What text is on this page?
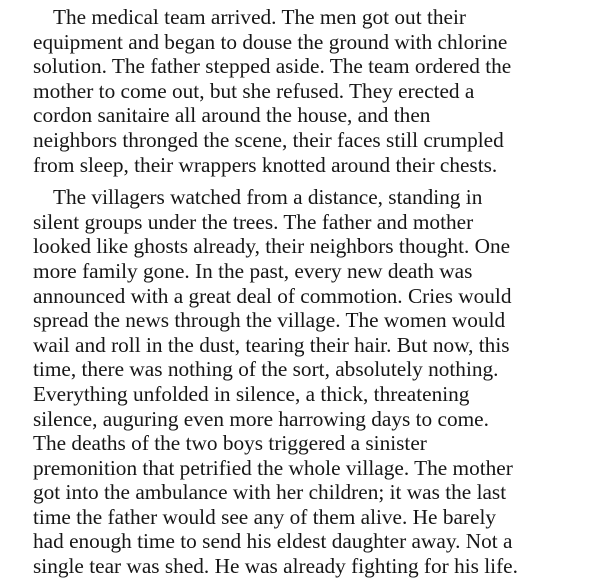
The medical team arrived. The men got out their
equipment and began to douse the ground with chlorine
solution. The father stepped aside. The team ordered the
mother to come out, but she refused. They erected a
cordon sanitaire all around the house, and then
neighbors thronged the scene, their faces still crumpled
from sleep, their wrappers knotted around their chests.

The villagers watched from a distance, standing in
silent groups under the trees. The father and mother
looked like ghosts already, their neighbors thought. One
more family gone. In the past, every new death was
announced with a great deal of commotion. Cries would
spread the news through the village. The women would
wail and roll in the dust, tearing their hair. But now, this
time, there was nothing of the sort, absolutely nothing.
Everything unfolded in silence, a thick, threatening
silence, auguring even more harrowing days to come.
The deaths of the two boys triggered a sinister
premonition that petrified the whole village. The mother
got into the ambulance with her children; it was the last
time the father would see any of them alive. He barely
had enough time to send his eldest daughter away. Not a
single tear was shed. He was already fighting for his life.
